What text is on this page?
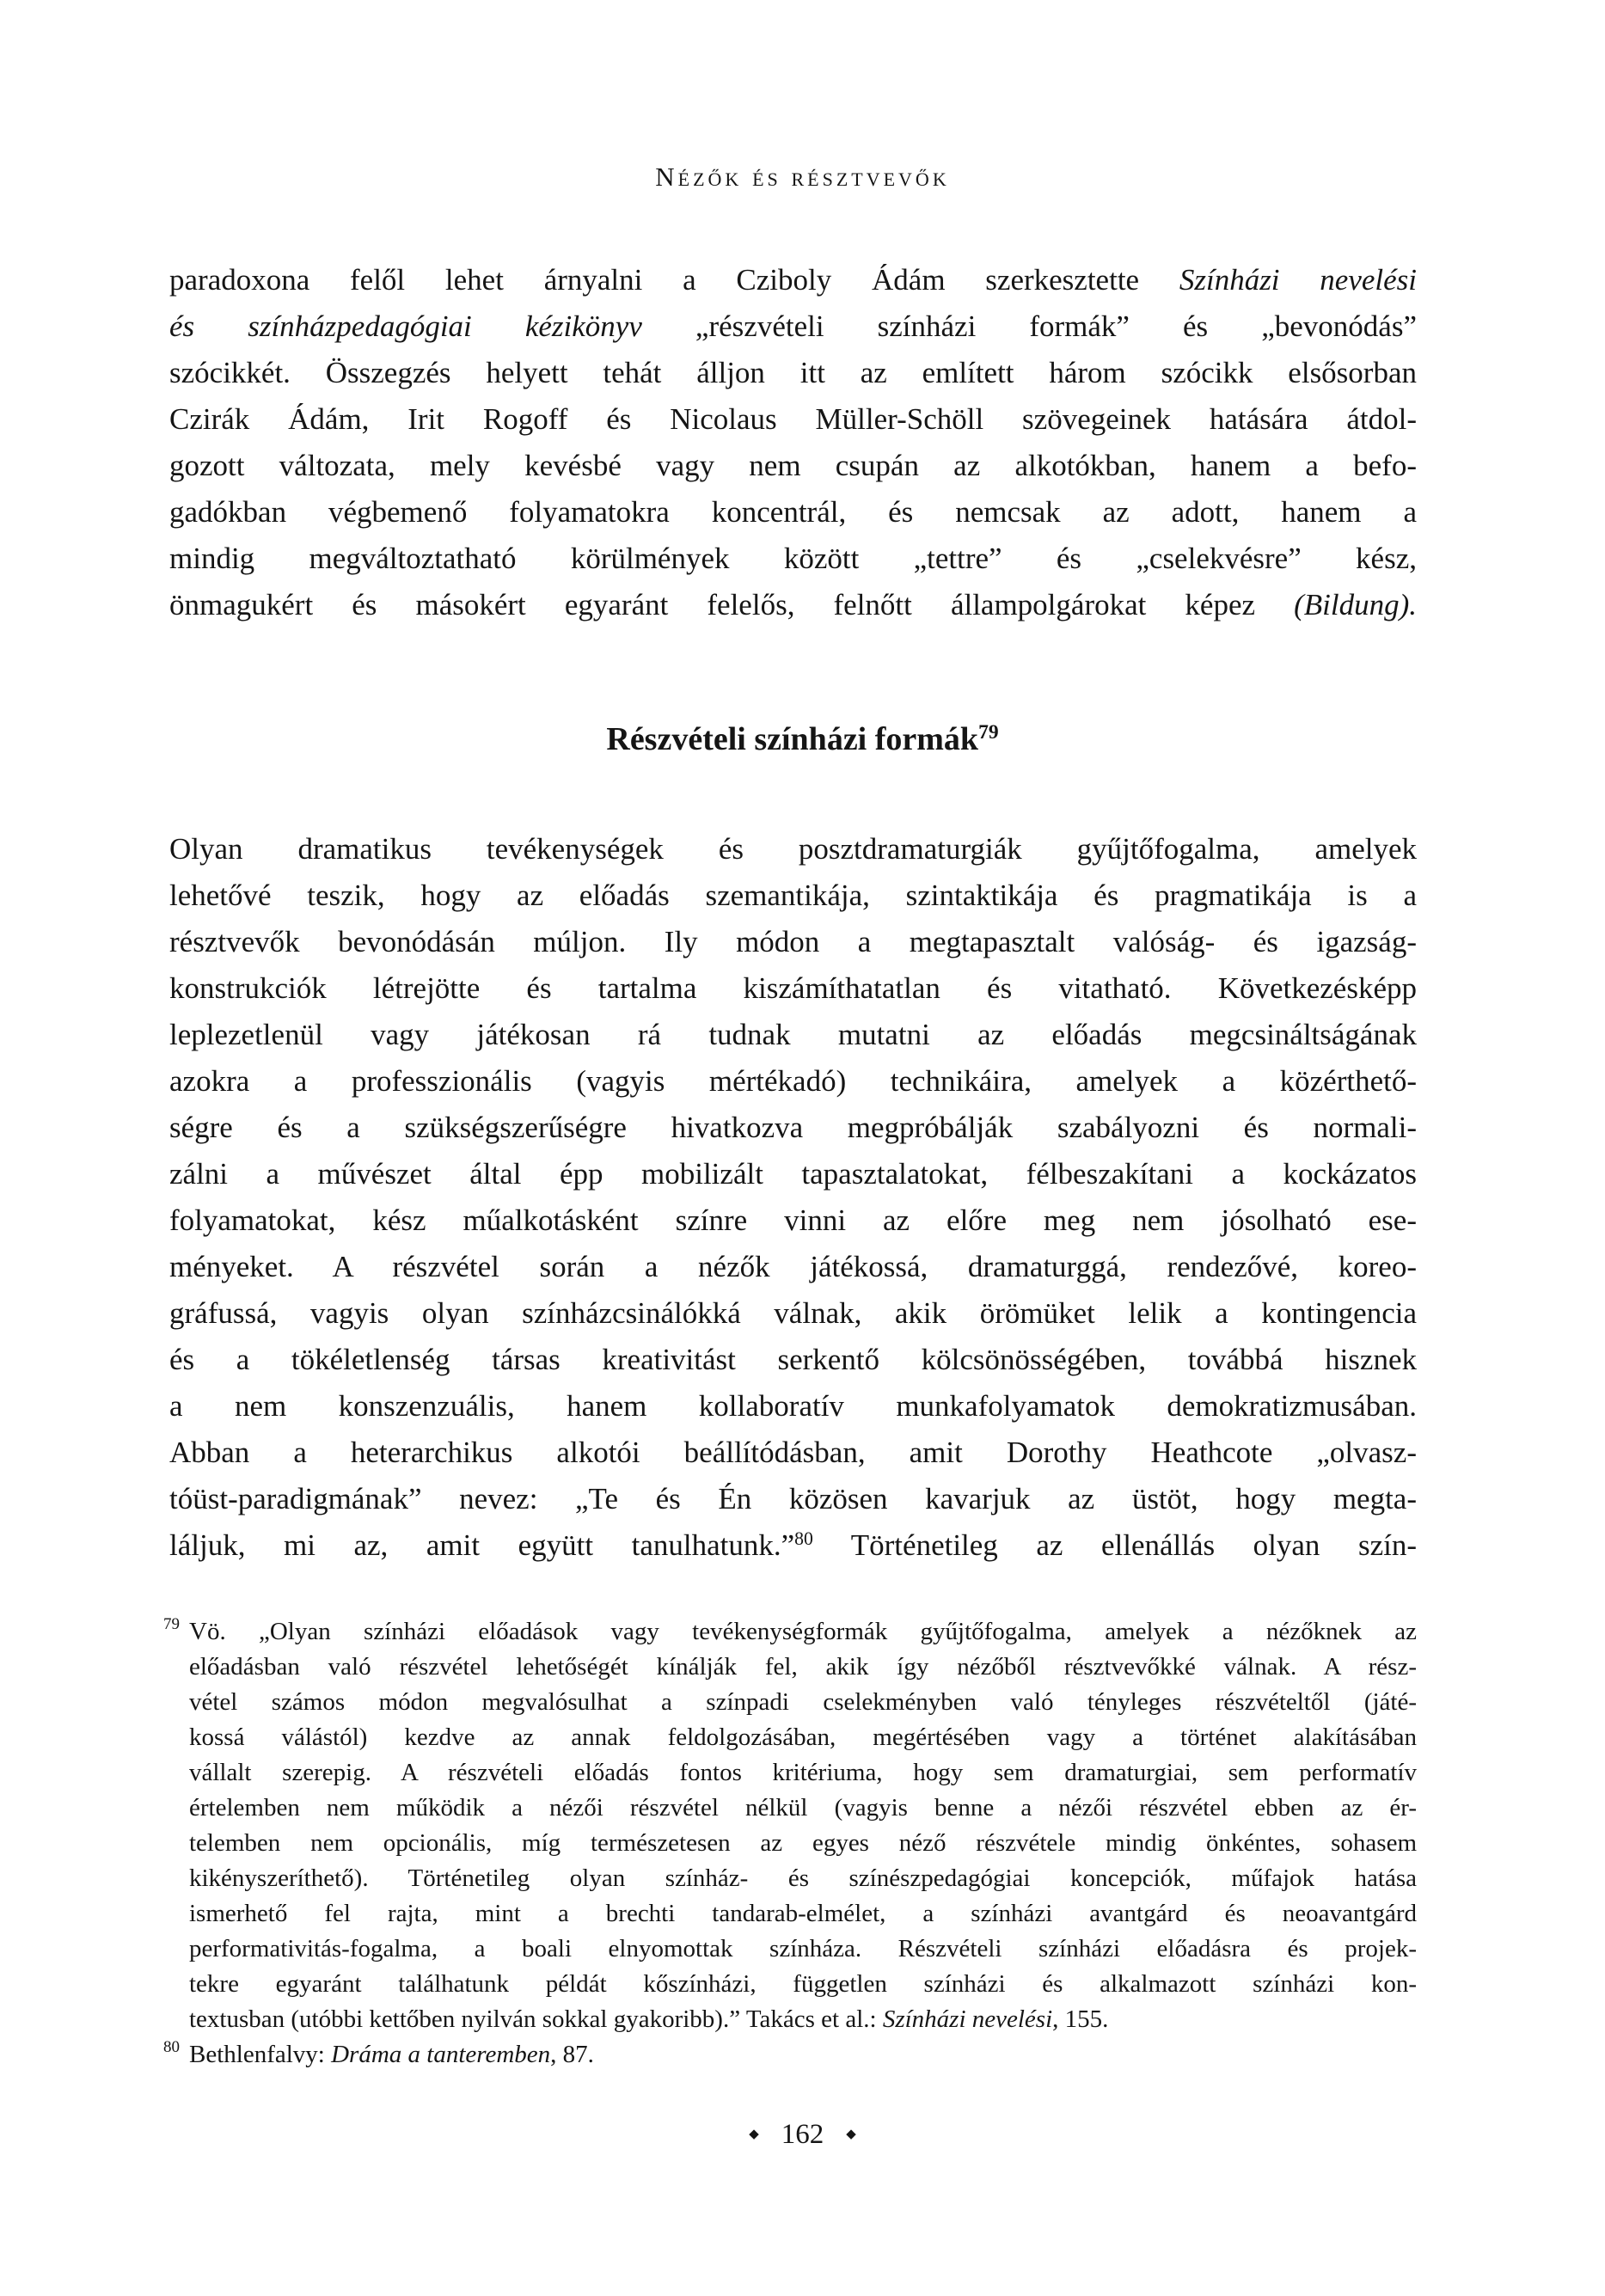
Nézők és résztvevők
paradoxona felől lehet árnyalni a Cziboly Ádám szerkesztette Színházi nevelési
és színházpedagógiai kézikönyv „részvételi színházi formák” és „bevonódás”
szócikkét. Összegzés helyett tehát álljon itt az említett három szócikk elsősorban
Czirák Ádám, Irit Rogoff és Nicolaus Müller-Schöll szövegeinek hatására átdol-
gozott változata, mely kevésbé vagy nem csupán az alkotókban, hanem a befo-
gadókban végbemenő folyamatokra koncentrál, és nemcsak az adott, hanem a
mindig megváltoztatható körülmények között „tettre” és „cselekvésre” kész,
önmagukért és másokért egyaránt felelős, felnőtt állampolgárokat képez (Bildung).
Részvételi színházi formák$^{79}$
Olyan dramatikus tevékenységek és posztdramaturgiák gyűjtőfogalma, amelyek
lehetővé teszik, hogy az előadás szemantikája, szintaktikája és pragmatikája is a
résztvevők bevonódásán múljon. Ily módon a megtapasztalt valóság- és igazság-
konstrukciók létrejötte és tartalma kiszámíthatatlan és vitatható. Következésképp
leplezetlenül vagy játékosan rá tudnak mutatni az előadás megcsináltságának
azokra a professzionális (vagyis mértékadó) technikáira, amelyek a közérthető-
ségre és a szükségszerűségre hivatkozva megpróbálják szabályozni és normali-
zálni a művészet által épp mobilizált tapasztalatokat, félbeszakítani a kockázatos
folyamatokat, kész műalkotásként színre vinni az előre meg nem jósolható ese-
ményeket. A részvétel során a nézők játékossá, dramaturggá, rendezővé, koreo-
gráfussá, vagyis olyan színházcsinálókká válnak, akik örömüket lelik a kontingencia
és a tökéletlenség társas kreativitást serkentő kölcsönösségében, továbbá hisznek
a nem konszenzuális, hanem kollaboratív munkafolyamatok demokratizmusában.
Abban a heterarchikus alkotói beállítódásban, amit Dorothy Heathcote „olvasz-
tóüst-paradigmának” nevez: „Te és Én közösen kavarjuk az üstöt, hogy megta-
láljuk, mi az, amit együtt tanulhatunk.”$^{80}$ Történetileg az ellenállás olyan szín-
79 Vö. „Olyan színházi előadások vagy tevékenységformák gyűjtőfogalma, amelyek a nézőknek az
előadásban való részvétel lehetőségét kínálják fel, akik így nézőből résztvevőkké válnak. A rész-
vétel számos módon megvalósulhat a színpadi cselekményben való tényleges részvételtől (játé-
kossá válástól) kezdve az annak feldolgozásában, megértésében vagy a történet alakításában
vállalt szerepig. A részvételi előadás fontos kritériuma, hogy sem dramaturgiai, sem performatív
értelemben nem működik a nézői részvétel nélkül (vagyis benne a nézői részvétel ebben az ér-
telemben nem opcionális, míg természetesen az egyes néző részvétele mindig önkéntes, sohasem
kikényszeríthető). Történetileg olyan színház- és színészpedagógiai koncepciók, műfajok hatása
ismerhető fel rajta, mint a brechti tandarab-elmélet, a színházi avantgárd és neoavantgárd
performativitás-fogalma, a boali elnyomottak színháza. Részvételi színházi előadásra és projek-
tekre egyaránt találhatunk példát kőszínházi, független színházi és alkalmazott színházi kon-
textusban (utóbbi kettőben nyilván sokkal gyakoribb).” Takács et al.: Színházi nevelési, 155.
80 Bethlenfalvy: Dráma a tanteremben, 87.
◆ 162 ◆
